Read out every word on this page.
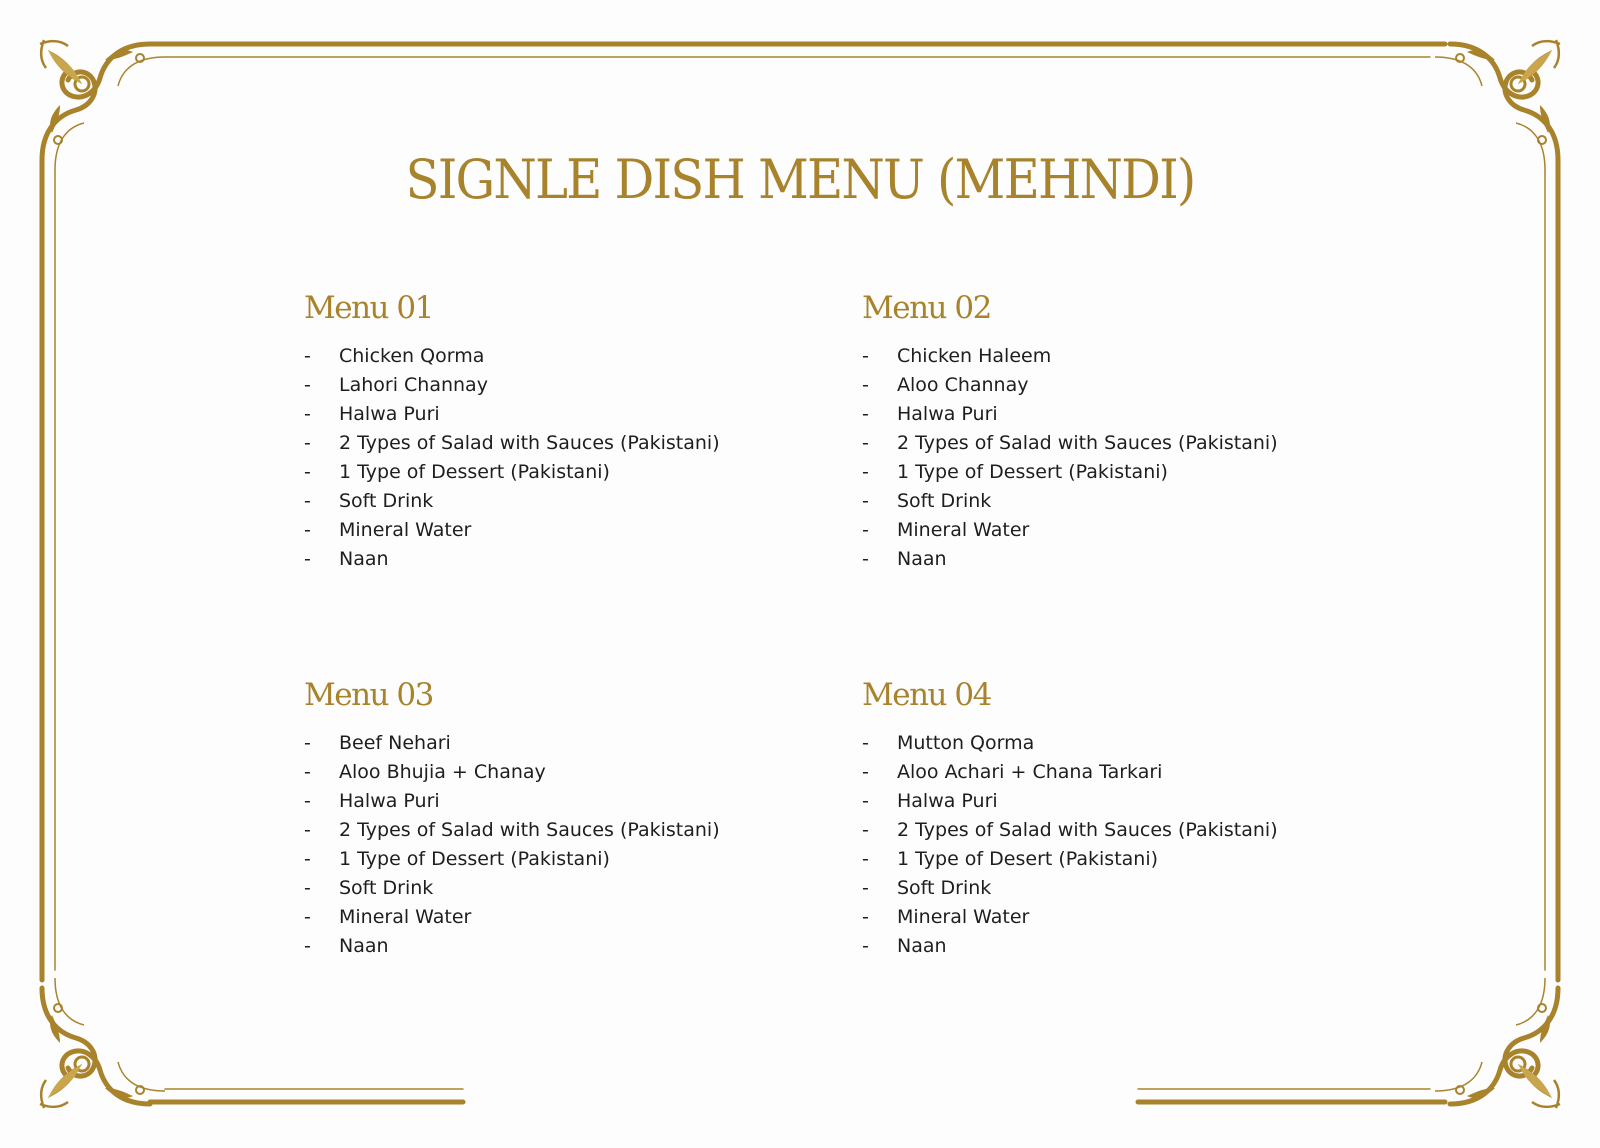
SIGNLE DISH MENU (MEHNDI)
Menu 01
-	Chicken Qorma
-	Lahori Channay
-	Halwa Puri
-	2 Types of Salad with Sauces (Pakistani)
-	1 Type of Dessert (Pakistani)
-	Soft Drink
-	Mineral Water
-	Naan
Menu 02
-	Chicken Haleem
-	Aloo Channay
-	Halwa Puri
-	2 Types of Salad with Sauces (Pakistani)
-	1 Type of Dessert (Pakistani)
-	Soft Drink
-	Mineral Water
-	Naan
Menu 03
-	Beef Nehari
-	Aloo Bhujia + Chanay
-	Halwa Puri
-	2 Types of Salad with Sauces (Pakistani)
-	1 Type of Dessert (Pakistani)
-	Soft Drink
-	Mineral Water
-	Naan
Menu 04
-	Mutton Qorma
-	Aloo Achari + Chana Tarkari
-	Halwa Puri
-	2 Types of Salad with Sauces (Pakistani)
-	1 Type of Desert (Pakistani)
-	Soft Drink
-	Mineral Water
-	Naan
